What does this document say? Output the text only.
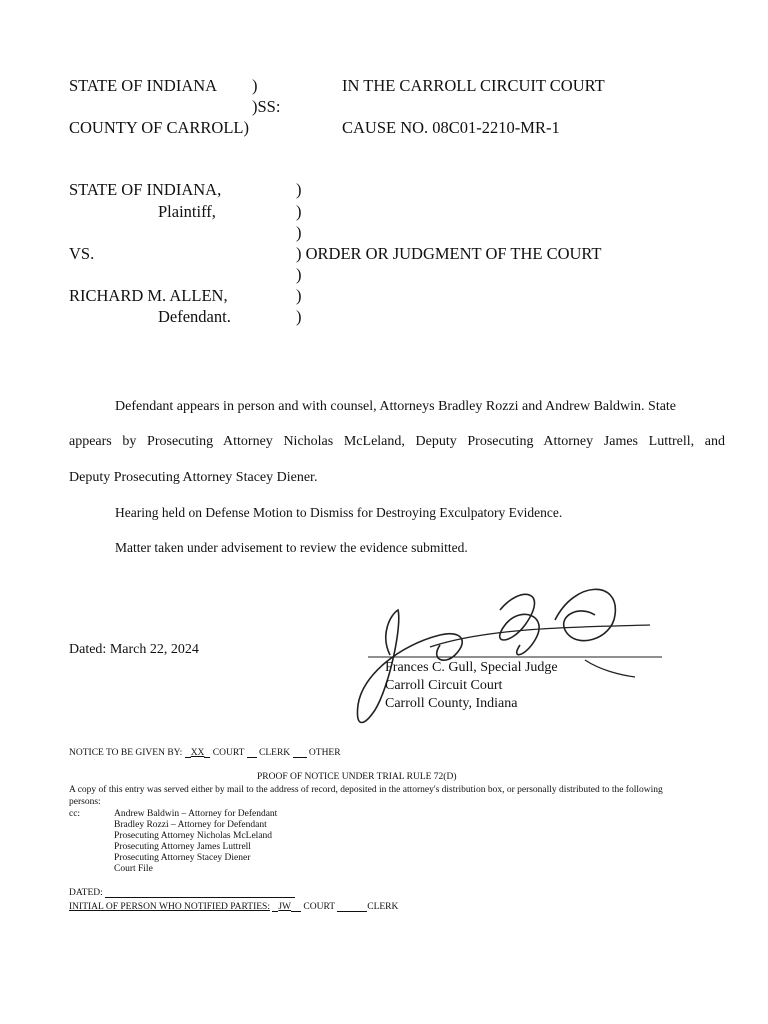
STATE OF INDIANA )
)SS:
COUNTY OF CARROLL)
IN THE CARROLL CIRCUIT COURT
CAUSE NO. 08C01-2210-MR-1
STATE OF INDIANA,
Plaintiff,
VS.
RICHARD M. ALLEN,
Defendant.
)
)
)
) ORDER OR JUDGMENT OF THE COURT
)
)
)
Defendant appears in person and with counsel, Attorneys Bradley Rozzi and Andrew Baldwin. State
appears by Prosecuting Attorney Nicholas McLeland, Deputy Prosecuting Attorney James Luttrell, and
Deputy Prosecuting Attorney Stacey Diener.
Hearing held on Defense Motion to Dismiss for Destroying Exculpatory Evidence.
Matter taken under advisement to review the evidence submitted.
Dated: March 22, 2024
Frances C. Gull, Special Judge
Carroll Circuit Court
Carroll County, Indiana
NOTICE TO BE GIVEN BY: XX COURT CLERK OTHER
PROOF OF NOTICE UNDER TRIAL RULE 72(D)
A copy of this entry was served either by mail to the address of record, deposited in the attorney's distribution box, or personally distributed to the following
persons:
cc:	Andrew Baldwin – Attorney for Defendant
Bradley Rozzi – Attorney for Defendant
Prosecuting Attorney Nicholas McLeland
Prosecuting Attorney James Luttrell
Prosecuting Attorney Stacey Diener
Court File
DATED:
INITIAL OF PERSON WHO NOTIFIED PARTIES: JW COURT	CLERK
